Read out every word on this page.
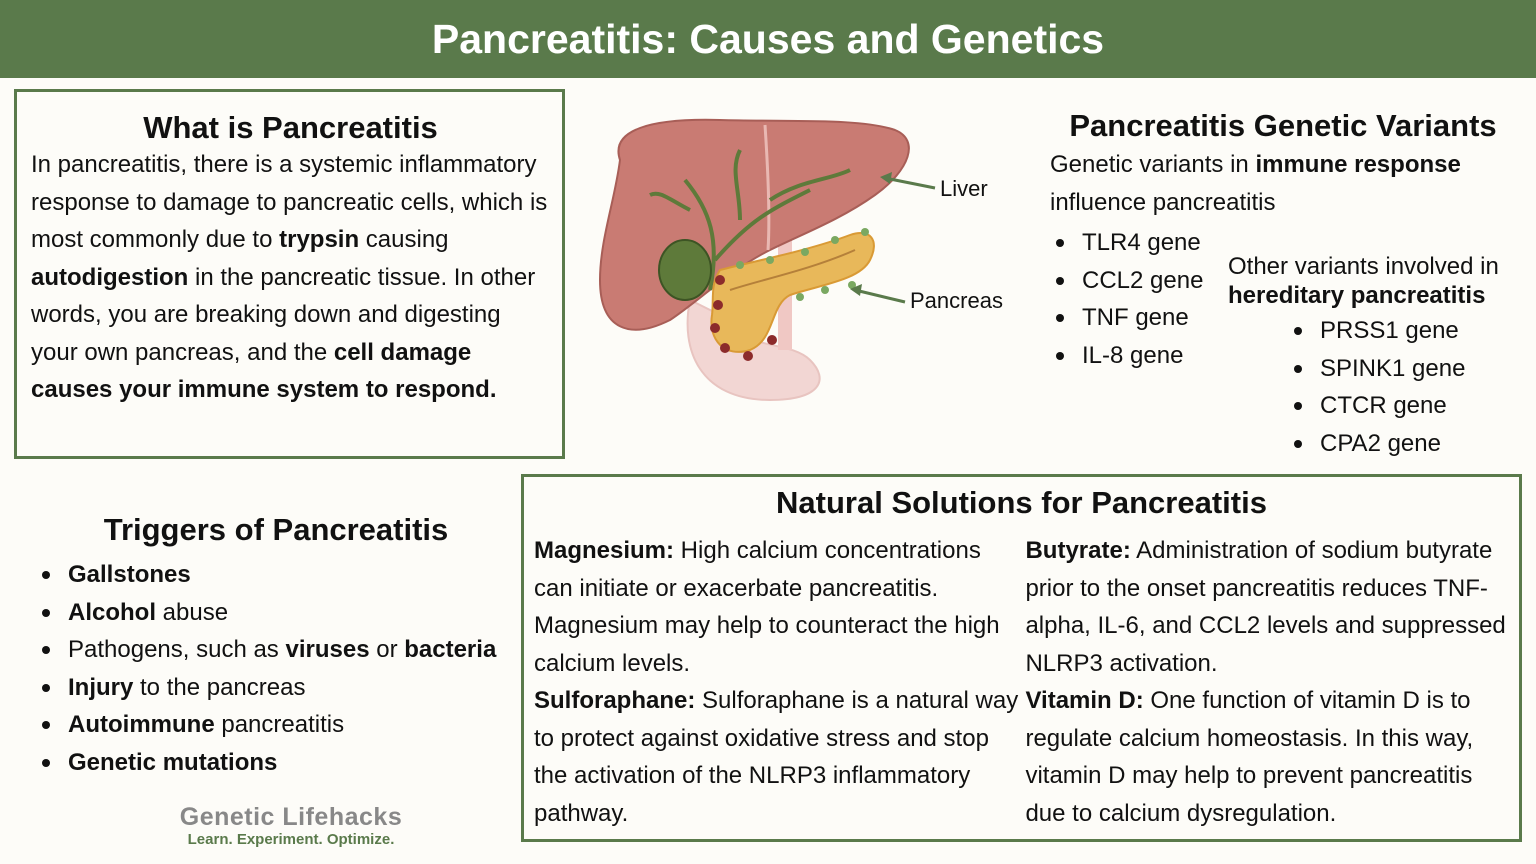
Pancreatitis: Causes and Genetics
What is Pancreatitis

In pancreatitis, there is a systemic inflammatory response to damage to pancreatic cells, which is most commonly due to trypsin causing autodigestion in the pancreatic tissue. In other words, you are breaking down and digesting your own pancreas, and the cell damage causes your immune system to respond.

Liver
Pancreas
Pancreatitis Genetic Variants

Genetic variants in immune response influence pancreatitis

TLR4 gene
CCL2 gene
TNF gene
IL-8 gene
Other variants involved in hereditary pancreatitis
PRSS1 gene
SPINK1 gene
CTCR gene
CPA2 gene
Triggers of Pancreatitis
Gallstones
Alcohol abuse
Pathogens, such as viruses or bacteria
Injury to the pancreas
Autoimmune pancreatitis
Genetic mutations
Natural Solutions for Pancreatitis

Magnesium: High calcium concentrations can initiate or exacerbate pancreatitis. Magnesium may help to counteract the high calcium levels.

Sulforaphane: Sulforaphane is a natural way to protect against oxidative stress and stop the activation of the NLRP3 inflammatory pathway.

Butyrate: Administration of sodium butyrate prior to the onset pancreatitis reduces TNF-alpha, IL-6, and CCL2 levels and suppressed NLRP3 activation.

Vitamin D: One function of vitamin D is to regulate calcium homeostasis. In this way, vitamin D may help to prevent pancreatitis due to calcium dysregulation.

Genetic Lifehacks
Learn. Experiment. Optimize.
